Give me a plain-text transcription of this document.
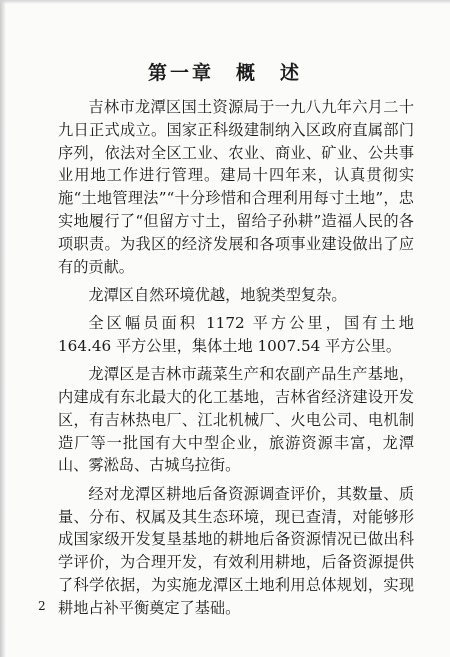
第一章　概　述

吉林市龙潭区国土资源局于一九八九年六月二十九日正式成立。国家正科级建制纳入区政府直属部门序列，依法对全区工业、农业、商业、矿业、公共事业用地工作进行管理。建局十四年来，认真贯彻实施“土地管理法”“十分珍惜和合理利用每寸土地”，忠实地履行了“但留方寸土，留给子孙耕”造福人民的各项职责。为我区的经济发展和各项事业建设做出了应有的贡献。

龙潭区自然环境优越，地貌类型复杂。

全区幅员面积 1172 平方公里，国有土地 164.46 平方公里，集体土地 1007.54 平方公里。

龙潭区是吉林市蔬菜生产和农副产品生产基地，内建成有东北最大的化工基地，吉林省经济建设开发区，有吉林热电厂、江北机械厂、火电公司、电机制造厂等一批国有大中型企业，旅游资源丰富，龙潭山、雾淞岛、古城乌拉街。

经对龙潭区耕地后备资源调查评价，其数量、质量、分布、权属及其生态环境，现已查清，对能够形成国家级开发复垦基地的耕地后备资源情况已做出科学评价，为合理开发，有效利用耕地，后备资源提供了科学依据，为实施龙潭区土地利用总体规划，实现耕地占补平衡奠定了基础。

2
